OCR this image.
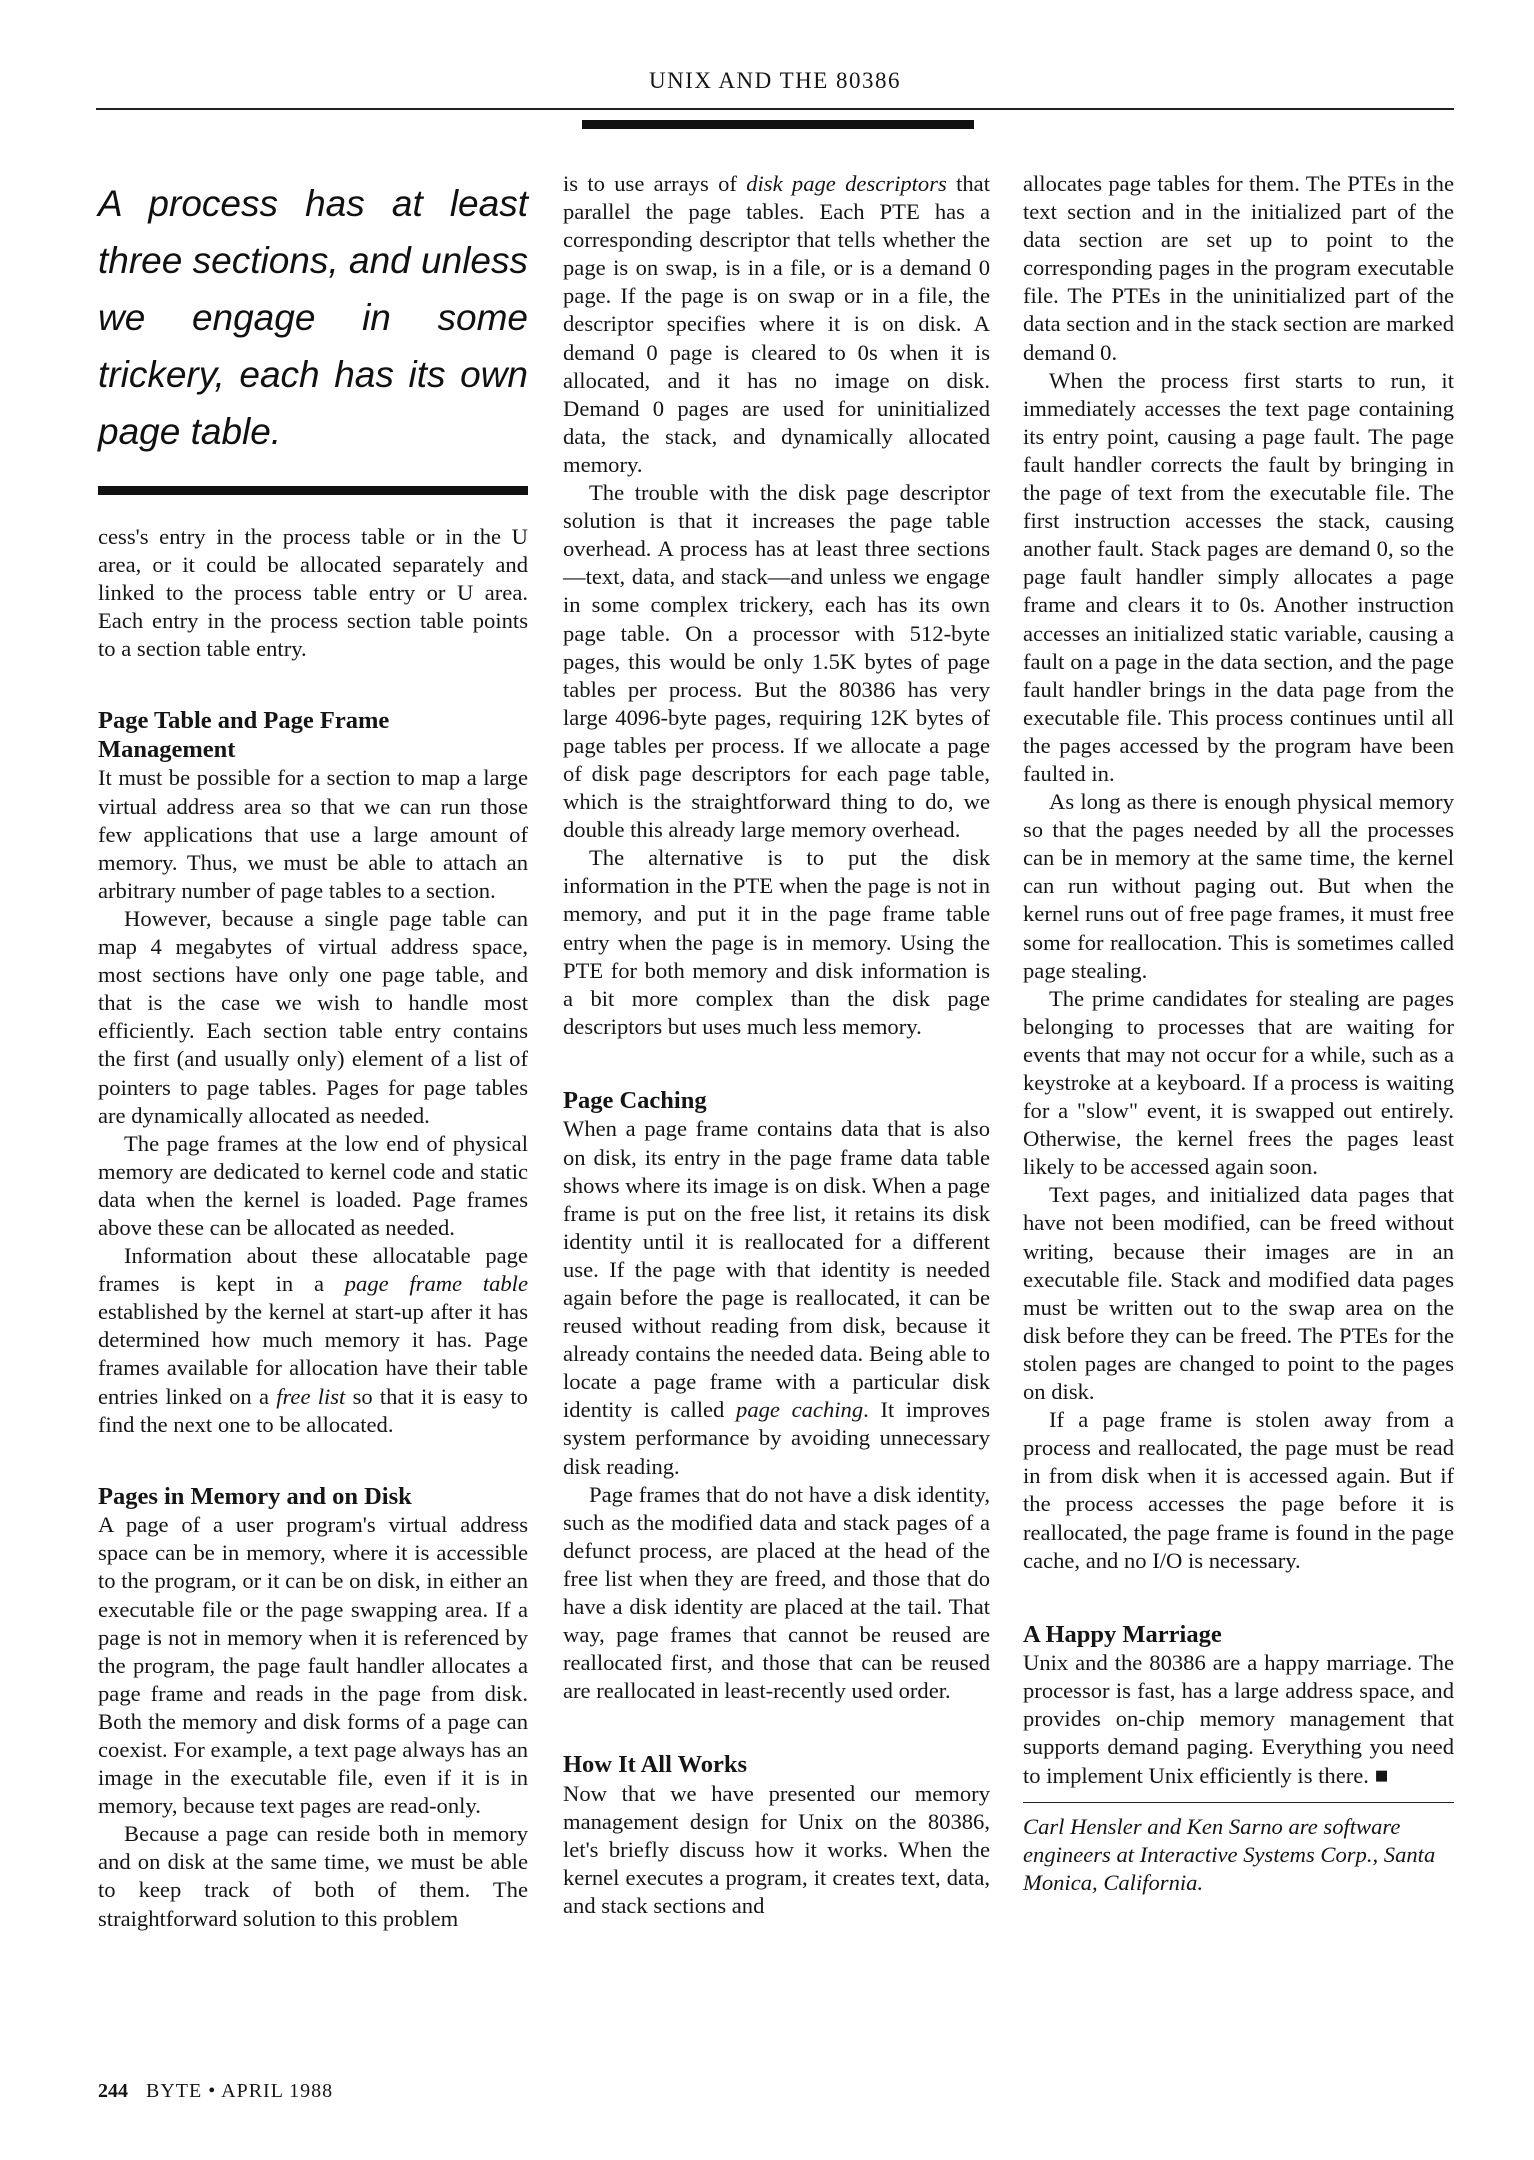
UNIX AND THE 80386
A process has at least three sections, and unless we engage in some trickery, each has its own page table.

cess's entry in the process table or in the U area, or it could be allocated separately and linked to the process table entry or U area. Each entry in the process section table points to a section table entry.

Page Table and Page Frame Management

It must be possible for a section to map a large virtual address area so that we can run those few applications that use a large amount of memory. Thus, we must be able to attach an arbitrary number of page tables to a section.

However, because a single page table can map 4 megabytes of virtual address space, most sections have only one page table, and that is the case we wish to handle most efficiently. Each section table entry contains the first (and usually only) element of a list of pointers to page tables. Pages for page tables are dynamically allocated as needed.

The page frames at the low end of physical memory are dedicated to kernel code and static data when the kernel is loaded. Page frames above these can be allocated as needed.

Information about these allocatable page frames is kept in a page frame table established by the kernel at start-up after it has determined how much memory it has. Page frames available for allocation have their table entries linked on a free list so that it is easy to find the next one to be allocated.

Pages in Memory and on Disk

A page of a user program's virtual address space can be in memory, where it is accessible to the program, or it can be on disk, in either an executable file or the page swapping area. If a page is not in memory when it is referenced by the program, the page fault handler allocates a page frame and reads in the page from disk. Both the memory and disk forms of a page can coexist. For example, a text page always has an image in the executable file, even if it is in memory, because text pages are read-only.

Because a page can reside both in memory and on disk at the same time, we must be able to keep track of both of them. The straightforward solution to this problem

is to use arrays of disk page descriptors that parallel the page tables. Each PTE has a corresponding descriptor that tells whether the page is on swap, is in a file, or is a demand 0 page. If the page is on swap or in a file, the descriptor specifies where it is on disk. A demand 0 page is cleared to 0s when it is allocated, and it has no image on disk. Demand 0 pages are used for uninitialized data, the stack, and dynamically allocated memory.

The trouble with the disk page descriptor solution is that it increases the page table overhead. A process has at least three sections—text, data, and stack—and unless we engage in some complex trickery, each has its own page table. On a processor with 512-byte pages, this would be only 1.5K bytes of page tables per process. But the 80386 has very large 4096-byte pages, requiring 12K bytes of page tables per process. If we allocate a page of disk page descriptors for each page table, which is the straightforward thing to do, we double this already large memory overhead.

The alternative is to put the disk information in the PTE when the page is not in memory, and put it in the page frame table entry when the page is in memory. Using the PTE for both memory and disk information is a bit more complex than the disk page descriptors but uses much less memory.

Page Caching

When a page frame contains data that is also on disk, its entry in the page frame data table shows where its image is on disk. When a page frame is put on the free list, it retains its disk identity until it is reallocated for a different use. If the page with that identity is needed again before the page is reallocated, it can be reused without reading from disk, because it already contains the needed data. Being able to locate a page frame with a particular disk identity is called page caching. It improves system performance by avoiding unnecessary disk reading.

Page frames that do not have a disk identity, such as the modified data and stack pages of a defunct process, are placed at the head of the free list when they are freed, and those that do have a disk identity are placed at the tail. That way, page frames that cannot be reused are reallocated first, and those that can be reused are reallocated in least-recently used order.

How It All Works

Now that we have presented our memory management design for Unix on the 80386, let's briefly discuss how it works. When the kernel executes a program, it creates text, data, and stack sections and

allocates page tables for them. The PTEs in the text section and in the initialized part of the data section are set up to point to the corresponding pages in the program executable file. The PTEs in the uninitialized part of the data section and in the stack section are marked demand 0.

When the process first starts to run, it immediately accesses the text page containing its entry point, causing a page fault. The page fault handler corrects the fault by bringing in the page of text from the executable file. The first instruction accesses the stack, causing another fault. Stack pages are demand 0, so the page fault handler simply allocates a page frame and clears it to 0s. Another instruction accesses an initialized static variable, causing a fault on a page in the data section, and the page fault handler brings in the data page from the executable file. This process continues until all the pages accessed by the program have been faulted in.

As long as there is enough physical memory so that the pages needed by all the processes can be in memory at the same time, the kernel can run without paging out. But when the kernel runs out of free page frames, it must free some for reallocation. This is sometimes called page stealing.

The prime candidates for stealing are pages belonging to processes that are waiting for events that may not occur for a while, such as a keystroke at a keyboard. If a process is waiting for a "slow" event, it is swapped out entirely. Otherwise, the kernel frees the pages least likely to be accessed again soon.

Text pages, and initialized data pages that have not been modified, can be freed without writing, because their images are in an executable file. Stack and modified data pages must be written out to the swap area on the disk before they can be freed. The PTEs for the stolen pages are changed to point to the pages on disk.

If a page frame is stolen away from a process and reallocated, the page must be read in from disk when it is accessed again. But if the process accesses the page before it is reallocated, the page frame is found in the page cache, and no I/O is necessary.

A Happy Marriage

Unix and the 80386 are a happy marriage. The processor is fast, has a large address space, and provides on-chip memory management that supports demand paging. Everything you need to implement Unix efficiently is there. ■

Carl Hensler and Ken Sarno are software engineers at Interactive Systems Corp., Santa Monica, California.

244 BYTE • APRIL 1988
